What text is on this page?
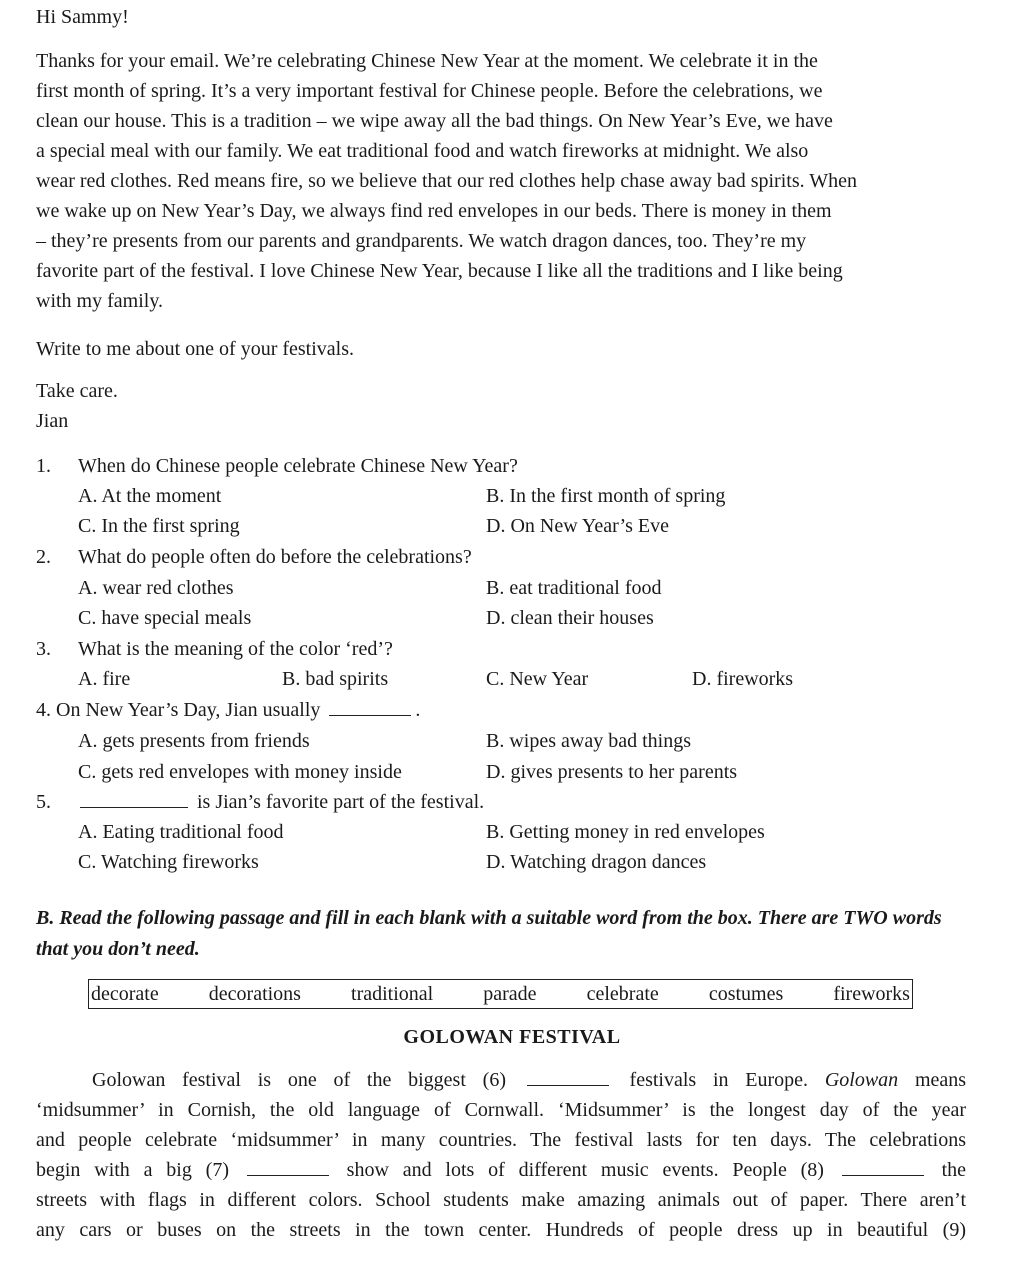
Hi Sammy!
Thanks for your email. We’re celebrating Chinese New Year at the moment. We celebrate it in the
first month of spring. It’s a very important festival for Chinese people. Before the celebrations, we
clean our house. This is a tradition – we wipe away all the bad things. On New Year’s Eve, we have
a special meal with our family. We eat traditional food and watch fireworks at midnight. We also
wear red clothes. Red means fire, so we believe that our red clothes help chase away bad spirits. When
we wake up on New Year’s Day, we always find red envelopes in our beds. There is money in them
– they’re presents from our parents and grandparents. We watch dragon dances, too. They’re my
favorite part of the festival. I love Chinese New Year, because I like all the traditions and I like being
with my family.
Write to me about one of your festivals.
Take care.
Jian
1. When do Chinese people celebrate Chinese New Year?
A. At the moment	B. In the first month of spring
C. In the first spring	D. On New Year’s Eve
2. What do people often do before the celebrations?
A. wear red clothes	B. eat traditional food
C. have special meals	D. clean their houses
3. What is the meaning of the color ‘red’?
A. fire	B. bad spirits	C. New Year	D. fireworks
4. On New Year’s Day, Jian usually	.
A. gets presents from friends	B. wipes away bad things
C. gets red envelopes with money inside	D. gives presents to her parents
5.	is Jian’s favorite part of the festival.
A. Eating traditional food	B. Getting money in red envelopes
C. Watching fireworks	D. Watching dragon dances
B. Read the following passage and fill in each blank with a suitable word from the box. There are TWO words that you don’t need.
decorate	decorations	traditional	parade	celebrate	costumes	fireworks
GOLOWAN FESTIVAL
Golowan festival is one of the biggest (6)	festivals in Europe. Golowan means
‘midsummer’ in Cornish, the old language of Cornwall. ‘Midsummer’ is the longest day of the year
and people celebrate ‘midsummer’ in many countries. The festival lasts for ten days. The celebrations
begin with a big (7)	show and lots of different music events. People (8)	the
streets with flags in different colors. School students make amazing animals out of paper. There aren’t
any cars or buses on the streets in the town center. Hundreds of people dress up in beautiful (9)
